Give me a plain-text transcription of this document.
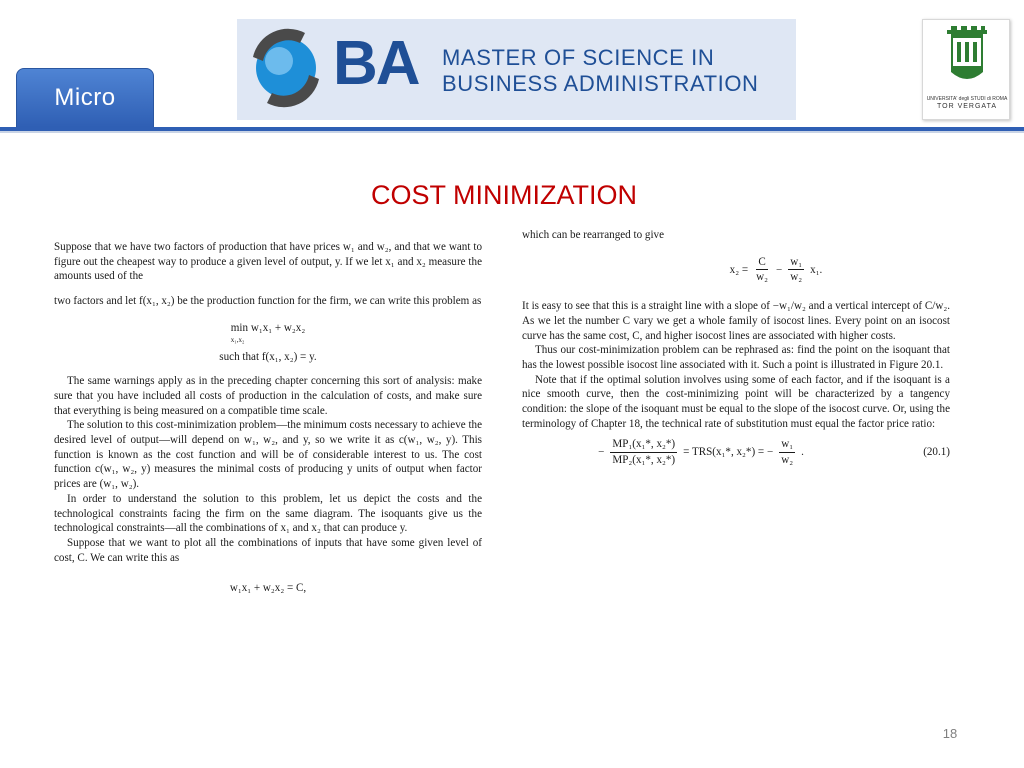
Micro	BA MASTER OF SCIENCE IN
BUSINESS ADMINISTRATION
UNIVERSITA' degli STUDI di ROMA
TOR VERGATA
COST MINIMIZATION

Suppose that we have two factors of production that have prices w₁ and w₂, and that we want to figure out the cheapest way to produce a given level of output, y. If we let x₁ and x₂ measure the amounts used of the

two factors and let f(x₁, x₂) be the production function for the firm, we can write this problem as

min w₁x₁ + w₂x₂
x₁,x₂
such that f(x₁, x₂) = y.

The same warnings apply as in the preceding chapter concerning this sort of analysis: make sure that you have included all costs of production in the calculation of costs, and make sure that everything is being measured on a compatible time scale.

The solution to this cost-minimization problem—the minimum costs necessary to achieve the desired level of output—will depend on w₁, w₂, and y, so we write it as c(w₁, w₂, y). This function is known as the cost function and will be of considerable interest to us. The cost function c(w₁, w₂, y) measures the minimal costs of producing y units of output when factor prices are (w₁, w₂).

In order to understand the solution to this problem, let us depict the costs and the technological constraints facing the firm on the same diagram. The isoquants give us the technological constraints—all the combinations of x₁ and x₂ that can produce y.

Suppose that we want to plot all the combinations of inputs that have some given level of cost, C. We can write this as

w₁x₁ + w₂x₂ = C,

which can be rearranged to give

$x_2 = \frac{C}{\text{w₂}} - \frac{\text{w₁}}{\text{w₂}} x_1$.

It is easy to see that this is a straight line with a slope of −w₁/w₂ and a vertical intercept of C/w₂. As we let the number C vary we get a whole family of isocost lines. Every point on an isocost curve has the same cost, C, and higher isocost lines are associated with higher costs.

Thus our cost-minimization problem can be rephrased as: find the point on the isoquant that has the lowest possible isocost line associated with it. Such a point is illustrated in Figure 20.1.

Note that if the optimal solution involves using some of each factor, and if the isoquant is a nice smooth curve, then the cost-minimizing point will be characterized by a tangency condition: the slope of the isoquant must be equal to the slope of the isocost curve. Or, using the terminology of Chapter 18, the technical rate of substitution must equal the factor price ratio:

− $\frac{\text{MP₁(x₁*, x₂*)}}{\text{MP₂(x₁*, x₂*)}} = TRS(x_1*$, x₂*) = − $\frac{\text{w₁}}{\text{w₂}}$ .	(20.1)
18
